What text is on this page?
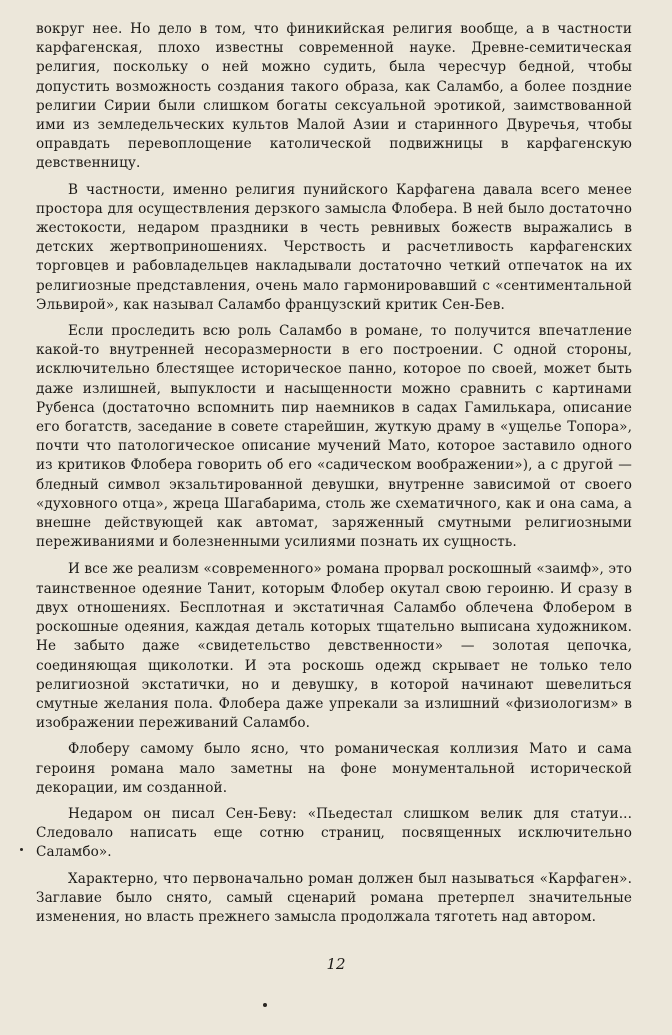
вокруг нее. Но дело в том, что финикийская религия вообще, а в частности карфагенская, плохо известны современной науке. Древне-семитическая религия, поскольку о ней можно судить, была чересчур бедной, чтобы допустить возможность создания такого образа, как Саламбо, а более поздние религии Сирии были слишком богаты сексуальной эротикой, заимствованной ими из земледельческих культов Малой Азии и старинного Двуречья, чтобы оправдать перевоплощение католической подвижницы в карфагенскую девственницу.

В частности, именно религия пунийского Карфагена давала всего менее простора для осуществления дерзкого замысла Флобера. В ней было достаточно жестокости, недаром праздники в честь ревнивых божеств выражались в детских жертвоприношениях. Черствость и расчетливость карфагенских торговцев и рабовладельцев накладывали достаточно четкий отпечаток на их религиозные представления, очень мало гармонировавший с «сентиментальной Эльвирой», как называл Саламбо французский критик Сен-Бев.

Если проследить всю роль Саламбо в романе, то получится впечатление какой-то внутренней несоразмерности в его построении. С одной стороны, исключительно блестящее историческое панно, которое по своей, может быть даже излишней, выпуклости и насыщенности можно сравнить с картинами Рубенса (достаточно вспомнить пир наемников в садах Гамилькара, описание его богатств, заседание в совете старейшин, жуткую драму в «ущелье Топора», почти что патологическое описание мучений Мато, которое заставило одного из критиков Флобера говорить об его «садическом воображении»), а с другой — бледный символ экзальтированной девушки, внутренне зависимой от своего «духовного отца», жреца Шагабарима, столь же схематичного, как и она сама, а внешне действующей как автомат, заряженный смутными религиозными переживаниями и болезненными усилиями познать их сущность.

И все же реализм «современного» романа прорвал роскошный «заимф», это таинственное одеяние Танит, которым Флобер окутал свою героиню. И сразу в двух отношениях. Бесплотная и экстатичная Саламбо облечена Флобером в роскошные одеяния, каждая деталь которых тщательно выписана художником. Не забыто даже «свидетельство девственности» — золотая цепочка, соединяющая щиколотки. И эта роскошь одежд скрывает не только тело религиозной экстатички, но и девушку, в которой начинают шевелиться смутные желания пола. Флобера даже упрекали за излишний «физиологизм» в изображении переживаний Саламбо.

Флоберу самому было ясно, что романическая коллизия Мато и сама героиня романа мало заметны на фоне монументальной исторической декорации, им созданной.

Недаром он писал Сен-Беву: «Пьедестал слишком велик для статуи... Следовало написать еще сотню страниц, посвященных исключительно Саламбо».

Характерно, что первоначально роман должен был называться «Карфаген». Заглавие было снято, самый сценарий романа претерпел значительные изменения, но власть прежнего замысла продолжала тяготеть над автором.

12
